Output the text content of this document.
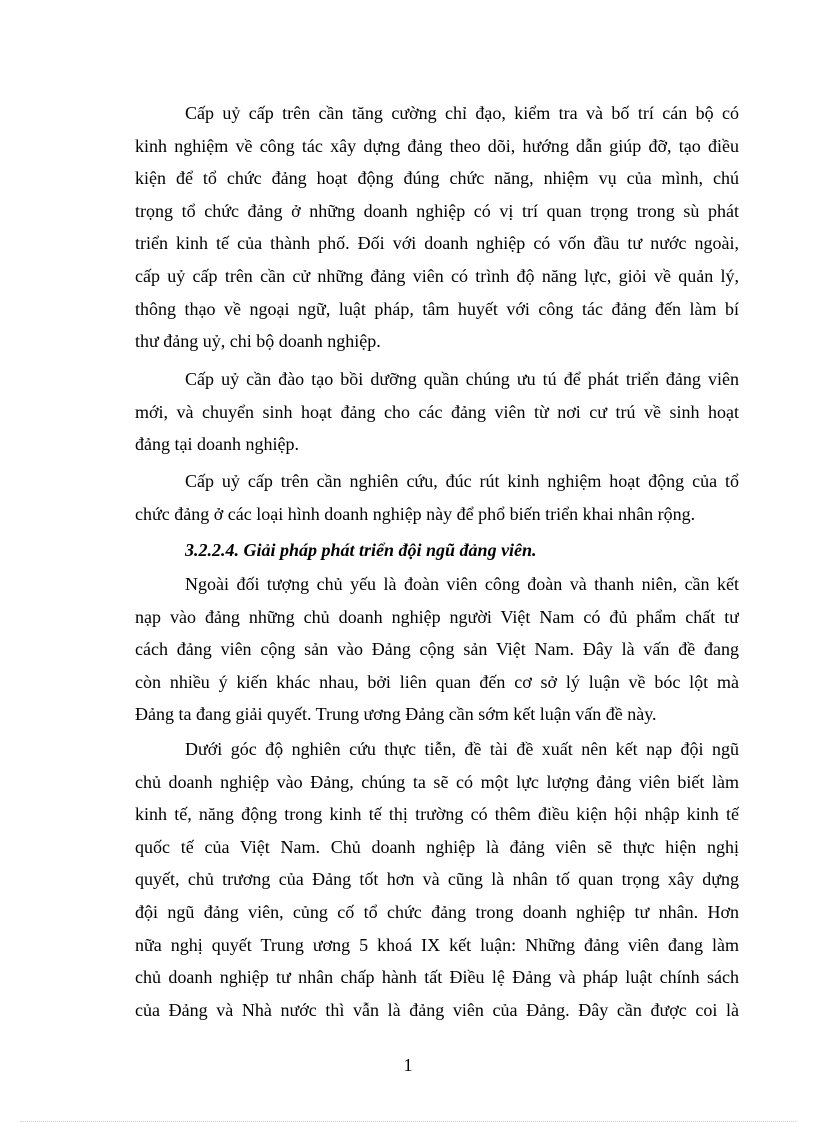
Cấp uỷ cấp trên cần tăng cường chỉ đạo, kiểm tra và bố trí cán bộ có
kinh nghiệm về công tác xây dựng đảng theo dõi, hướng dẫn giúp đỡ, tạo điều
kiện để tổ chức đảng hoạt động đúng chức năng, nhiệm vụ của mình, chú
trọng tổ chức đảng ở những doanh nghiệp có vị trí quan trọng trong sù phát
triển kinh tế của thành phố. Đối với doanh nghiệp có vốn đầu tư nước ngoài,
cấp uỷ cấp trên cần cử những đảng viên có trình độ năng lực, giỏi về quản lý,
thông thạo về ngoại ngữ, luật pháp, tâm huyết với công tác đảng đến làm bí
thư đảng uỷ, chi bộ doanh nghiệp.
Cấp uỷ cần đào tạo bồi dưỡng quần chúng ưu tú để phát triển đảng viên
mới, và chuyển sinh hoạt đảng cho các đảng viên từ nơi cư trú về sinh hoạt
đảng tại doanh nghiệp.
Cấp uỷ cấp trên cần nghiên cứu, đúc rút kinh nghiệm hoạt động của tổ
chức đảng ở các loại hình doanh nghiệp này để phổ biến triển khai nhân rộng.
3.2.2.4. Giải pháp phát triển đội ngũ đảng viên.
Ngoài đối tượng chủ yếu là đoàn viên công đoàn và thanh niên, cần kết
nạp vào đảng những chủ doanh nghiệp người Việt Nam có đủ phẩm chất tư
cách đảng viên cộng sản vào Đảng cộng sản Việt Nam. Đây là vấn đề đang
còn nhiều ý kiến khác nhau, bởi liên quan đến cơ sở lý luận về bóc lột mà
Đảng ta đang giải quyết. Trung ương Đảng cần sớm kết luận vấn đề này.
Dưới góc độ nghiên cứu thực tiễn, đề tài đề xuất nên kết nạp đội ngũ
chủ doanh nghiệp vào Đảng, chúng ta sẽ có một lực lượng đảng viên biết làm
kinh tế, năng động trong kinh tế thị trường có thêm điều kiện hội nhập kinh tế
quốc tế của Việt Nam. Chủ doanh nghiệp là đảng viên sẽ thực hiện nghị
quyết, chủ trương của Đảng tốt hơn và cũng là nhân tố quan trọng xây dựng
đội ngũ đảng viên, củng cố tổ chức đảng trong doanh nghiệp tư nhân. Hơn
nữa nghị quyết Trung ương 5 khoá IX kết luận: Những đảng viên đang làm
chủ doanh nghiệp tư nhân chấp hành tất Điều lệ Đảng và pháp luật chính sách
của Đảng và Nhà nước thì vẫn là đảng viên của Đảng. Đây cần được coi là
1
